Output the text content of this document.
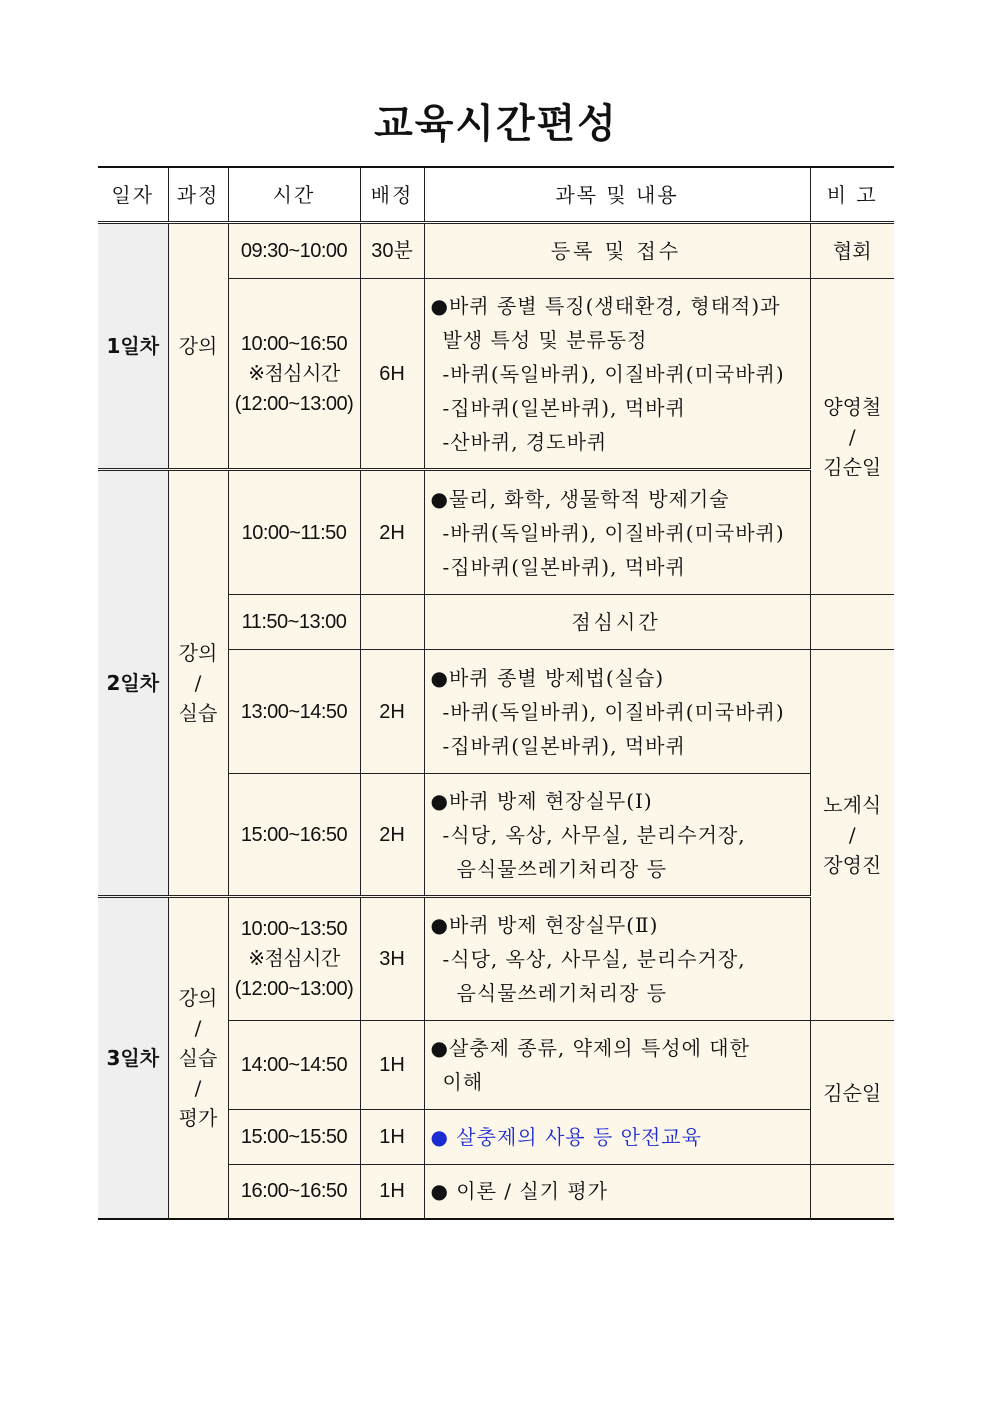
교육시간편성
일자	과정	시간	배정	과목 및 내용	비 고
1일차	강의	09:30~10:00	30분	등록 및 접수	협회

		10:00~16:50
※점심시간
(12:00~13:00)	6H	●바퀴 종별 특징(생태환경, 형태적)과
발생 특성 및 분류동정
-바퀴(독일바퀴), 이질바퀴(미국바퀴)
-집바퀴(일본바퀴), 먹바퀴
-산바퀴, 경도바퀴	양영철
/
김순일

2일차	강의
/
실습	10:00~11:50	2H	●물리, 화학, 생물학적 방제기술
-바퀴(독일바퀴), 이질바퀴(미국바퀴)
-집바퀴(일본바퀴), 먹바퀴	

		11:50~13:00		점심시간	

		13:00~14:50	2H	●바퀴 종별 방제법(실습)
-바퀴(독일바퀴), 이질바퀴(미국바퀴)
-집바퀴(일본바퀴), 먹바퀴	노계식
/
장영진

		15:00~16:50	2H	●바퀴 방제 현장실무(Ⅰ)
-식당, 옥상, 사무실, 분리수거장,
음식물쓰레기처리장 등	

3일차	강의
/
실습
/
평가	10:00~13:50
※점심시간
(12:00~13:00)	3H	●바퀴 방제 현장실무(Ⅱ)
-식당, 옥상, 사무실, 분리수거장,
음식물쓰레기처리장 등	

		14:00~14:50	1H	●살충제 종류, 약제의 특성에 대한
이해	김순일

		15:00~15:50	1H	● 살충제의 사용 등 안전교육	

		16:00~16:50	1H	● 이론 / 실기 평가	
